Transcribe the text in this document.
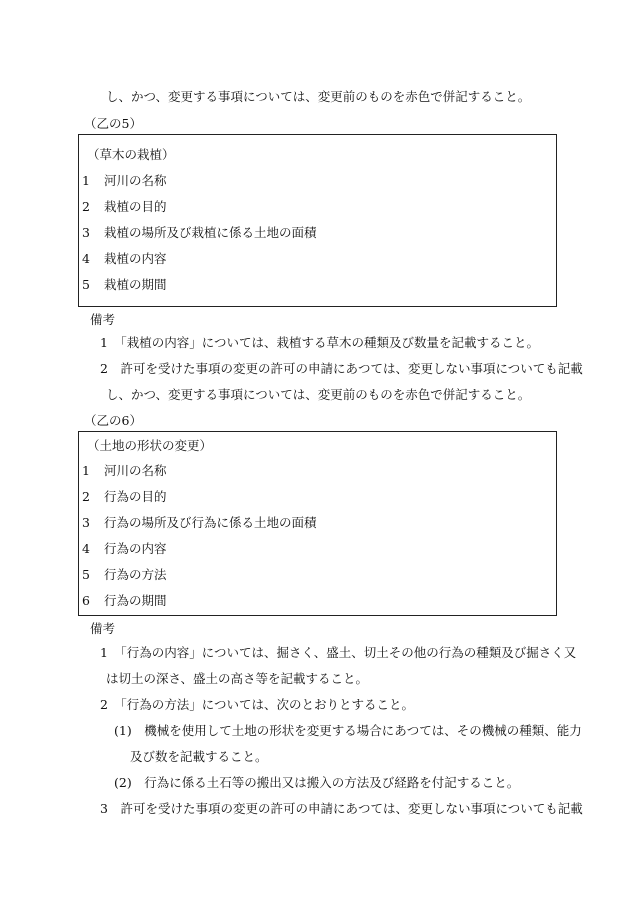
し、かつ、変更する事項については、変更前のものを赤色で併記すること。
（乙の5）
（草木の栽植）
1 河川の名称
2 栽植の目的
3 栽植の場所及び栽植に係る土地の面積
4 栽植の内容
5 栽植の期間
備考
1　「栽植の内容」については、栽植する草木の種類及び数量を記載すること。
2　許可を受けた事項の変更の許可の申請にあつては、変更しない事項についても記載
し、かつ、変更する事項については、変更前のものを赤色で併記すること。
（乙の6）
（土地の形状の変更）
1 河川の名称
2 行為の目的
3 行為の場所及び行為に係る土地の面積
4 行為の内容
5 行為の方法
6 行為の期間
備考
1　「行為の内容」については、掘さく、盛土、切土その他の行為の種類及び掘さく又
は切土の深さ、盛土の高さ等を記載すること。
2　「行為の方法」については、次のとおりとすること。
(1)　機械を使用して土地の形状を変更する場合にあつては、その機械の種類、能力
及び数を記載すること。
(2)　行為に係る土石等の搬出又は搬入の方法及び経路を付記すること。
3　許可を受けた事項の変更の許可の申請にあつては、変更しない事項についても記載
